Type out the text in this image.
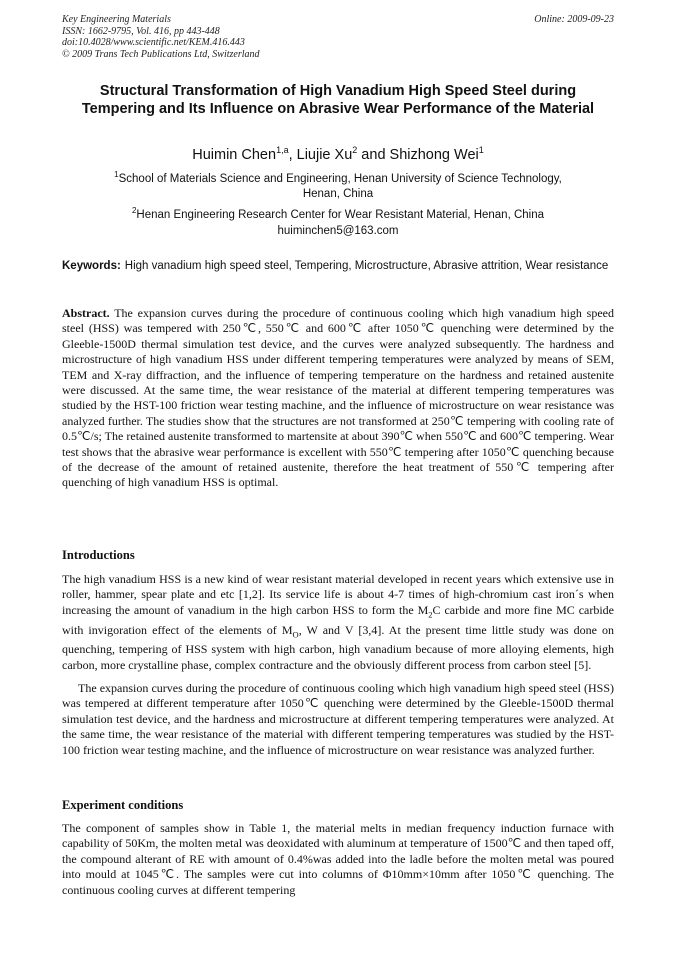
Key Engineering Materials
ISSN: 1662-9795, Vol. 416, pp 443-448
doi:10.4028/www.scientific.net/KEM.416.443
© 2009 Trans Tech Publications Ltd, Switzerland
Online: 2009-09-23
Structural Transformation of High Vanadium High Speed Steel during Tempering and Its Influence on Abrasive Wear Performance of the Material
Huimin Chen$^{1,a}$, Liujie Xu$^2$ and Shizhong Wei$^1$
$^1$School of Materials Science and Engineering, Henan University of Science Technology,
Henan, China
$^2$Henan Engineering Research Center for Wear Resistant Material, Henan, China
huiminchen5@163.com
Keywords: High vanadium high speed steel, Tempering, Microstructure, Abrasive attrition, Wear resistance
Abstract. The expansion curves during the procedure of continuous cooling which high vanadium high speed steel (HSS) was tempered with 250℃, 550℃ and 600℃ after 1050℃ quenching were determined by the Gleeble-1500D thermal simulation test device, and the curves were analyzed subsequently. The hardness and microstructure of high vanadium HSS under different tempering temperatures were analyzed by means of SEM, TEM and X-ray diffraction, and the influence of tempering temperature on the hardness and retained austenite were discussed. At the same time, the wear resistance of the material at different tempering temperatures was studied by the HST-100 friction wear testing machine, and the influence of microstructure on wear resistance was analyzed further. The studies show that the structures are not transformed at 250℃ tempering with cooling rate of 0.5℃/s; The retained austenite transformed to martensite at about 390℃ when 550℃ and 600℃ tempering. Wear test shows that the abrasive wear performance is excellent with 550℃ tempering after 1050℃ quenching because of the decrease of the amount of retained austenite, therefore the heat treatment of 550℃ tempering after quenching of high vanadium HSS is optimal.
Introductions
The high vanadium HSS is a new kind of wear resistant material developed in recent years which extensive use in roller, hammer, spear plate and etc [1,2]. Its service life is about 4-7 times of high-chromium cast iron´s when increasing the amount of vanadium in the high carbon HSS to form the $M_2C$ carbide and more fine MC carbide with invigoration effect of the elements of $M_O$, W and V [3,4]. At the present time little study was done on quenching, tempering of HSS system with high carbon, high vanadium because of more alloying elements, high carbon, more crystalline phase, complex contracture and the obviously different process from carbon steel [5].
The expansion curves during the procedure of continuous cooling which high vanadium high speed steel (HSS) was tempered at different temperature after 1050℃ quenching were determined by the Gleeble-1500D thermal simulation test device, and the hardness and microstructure at different tempering temperatures were analyzed. At the same time, the wear resistance of the material with different tempering temperatures was studied by the HST-100 friction wear testing machine, and the influence of microstructure on wear resistance was analyzed further.
Experiment conditions
The component of samples show in Table 1, the material melts in median frequency induction furnace with capability of 50Km, the molten metal was deoxidated with aluminum at temperature of 1500℃ and then taped off, the compound alterant of RE with amount of 0.4%was added into the ladle before the molten metal was poured into mould at 1045℃. The samples were cut into columns of Φ10mm×10mm after 1050℃ quenching. The continuous cooling curves at different tempering
